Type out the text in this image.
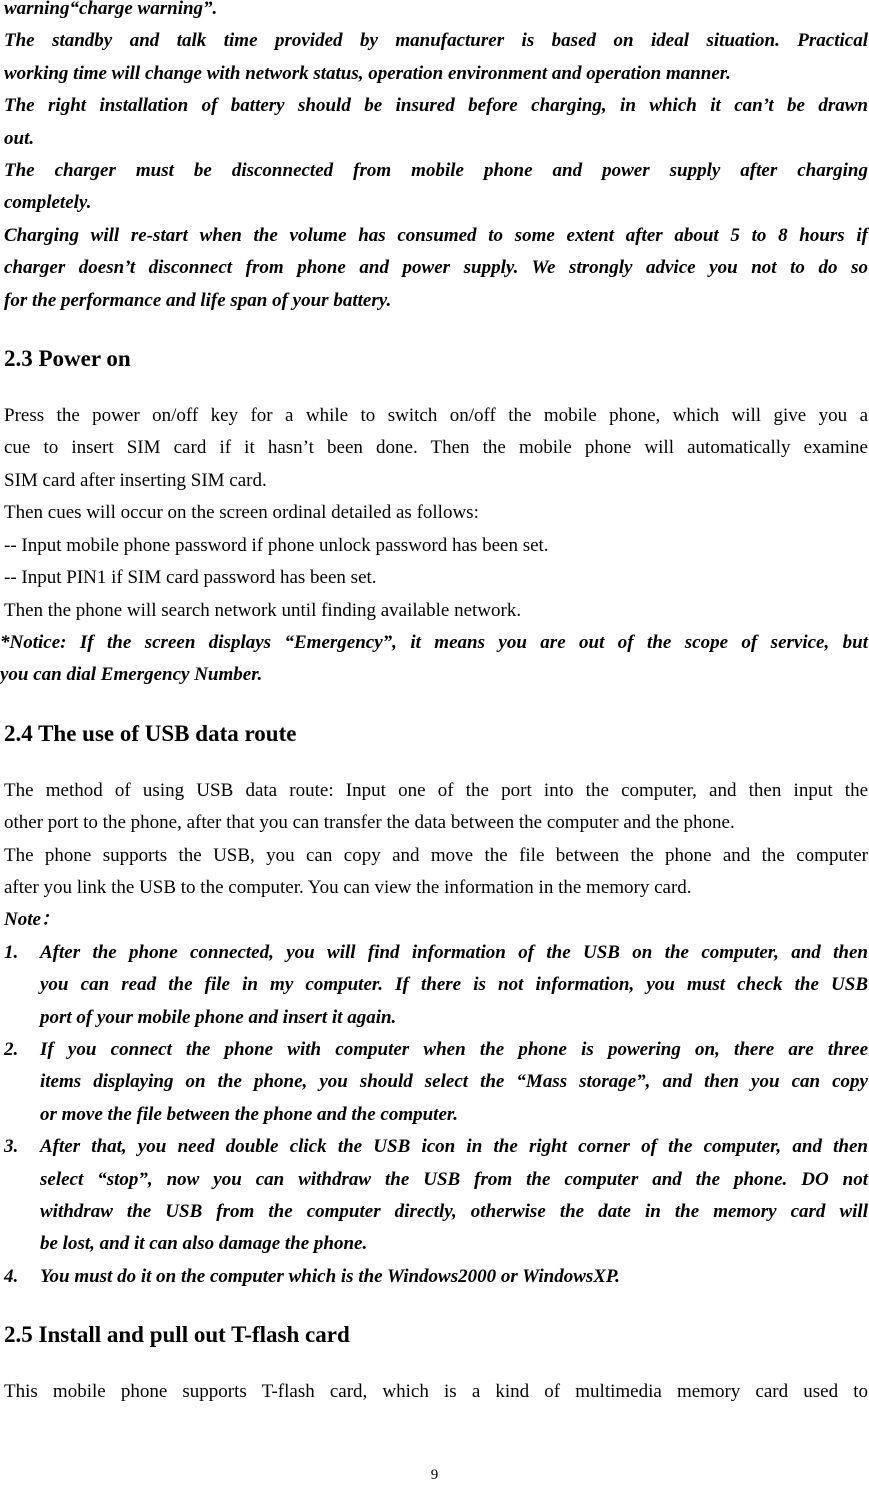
warning“charge warning”.
The standby and talk time provided by manufacturer is based on ideal situation. Practical
working time will change with network status, operation environment and operation manner.
The right installation of battery should be insured before charging, in which it can’t be drawn
out.
The charger must be disconnected from mobile phone and power supply after charging
completely.
Charging will re-start when the volume has consumed to some extent after about 5 to 8 hours if
charger doesn’t disconnect from phone and power supply. We strongly advice you not to do so
for the performance and life span of your battery.
2.3 Power on
Press the power on/off key for a while to switch on/off the mobile phone, which will give you a
cue to insert SIM card if it hasn’t been done. Then the mobile phone will automatically examine
SIM card after inserting SIM card.
Then cues will occur on the screen ordinal detailed as follows:
-- Input mobile phone password if phone unlock password has been set.
-- Input PIN1 if SIM card password has been set.
Then the phone will search network until finding available network.
*Notice: If the screen displays “Emergency”, it means you are out of the scope of service, but
you can dial Emergency Number.
2.4 The use of USB data route
The method of using USB data route: Input one of the port into the computer, and then input the
other port to the phone, after that you can transfer the data between the computer and the phone.
The phone supports the USB, you can copy and move the file between the phone and the computer
after you link the USB to the computer. You can view the information in the memory card.
Note：
1. After the phone connected, you will find information of the USB on the computer, and then
you can read the file in my computer. If there is not information, you must check the USB
port of your mobile phone and insert it again.
2. If you connect the phone with computer when the phone is powering on, there are three
items displaying on the phone, you should select the “Mass storage”, and then you can copy
or move the file between the phone and the computer.
3. After that, you need double click the USB icon in the right corner of the computer, and then
select “stop”, now you can withdraw the USB from the computer and the phone. DO not
withdraw the USB from the computer directly, otherwise the date in the memory card will
be lost, and it can also damage the phone.
4. You must do it on the computer which is the Windows2000 or WindowsXP.
2.5 Install and pull out T-flash card
This mobile phone supports T-flash card, which is a kind of multimedia memory card used to
9
